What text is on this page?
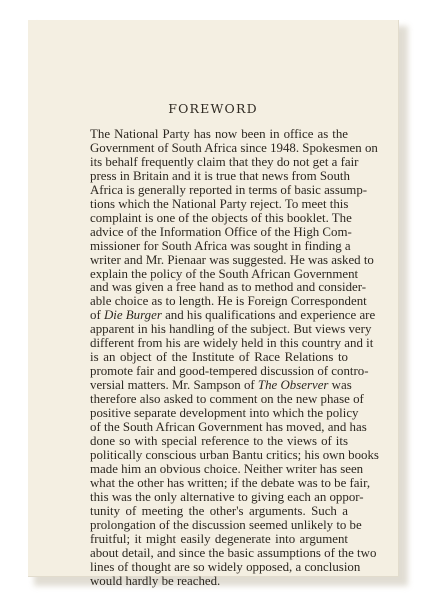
FOREWORD
The National Party has now been in office as the
Government of South Africa since 1948. Spokesmen on
its behalf frequently claim that they do not get a fair
press in Britain and it is true that news from South
Africa is generally reported in terms of basic assump-
tions which the National Party reject. To meet this
complaint is one of the objects of this booklet. The
advice of the Information Office of the High Com-
missioner for South Africa was sought in finding a
writer and Mr. Pienaar was suggested. He was asked to
explain the policy of the South African Government
and was given a free hand as to method and consider-
able choice as to length. He is Foreign Correspondent
of Die Burger and his qualifications and experience are
apparent in his handling of the subject. But views very
different from his are widely held in this country and it
is an object of the Institute of Race Relations to
promote fair and good-tempered discussion of contro-
versial matters. Mr. Sampson of The Observer was
therefore also asked to comment on the new phase of
positive separate development into which the policy
of the South African Government has moved, and has
done so with special reference to the views of its
politically conscious urban Bantu critics; his own books
made him an obvious choice. Neither writer has seen
what the other has written; if the debate was to be fair,
this was the only alternative to giving each an oppor-
tunity of meeting the other's arguments. Such a
prolongation of the discussion seemed unlikely to be
fruitful; it might easily degenerate into argument
about detail, and since the basic assumptions of the two
lines of thought are so widely opposed, a conclusion
would hardly be reached.
